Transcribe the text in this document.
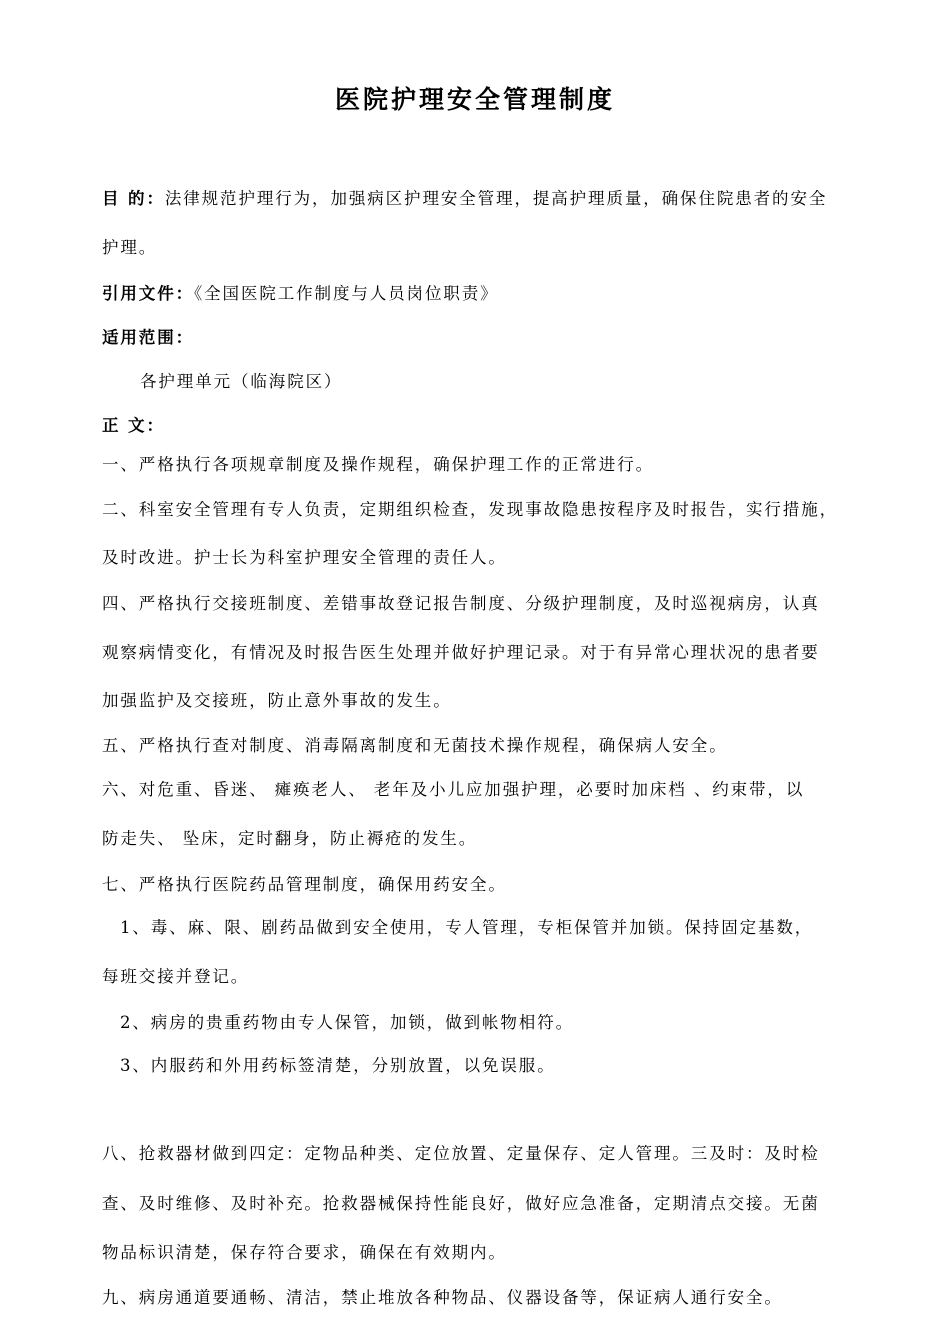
医院护理安全管理制度
目 的：法律规范护理行为，加强病区护理安全管理，提高护理质量，确保住院患者的安全
护理。
引用文件：《全国医院工作制度与人员岗位职责》
适用范围：
各护理单元（临海院区）
正 文：
一、严格执行各项规章制度及操作规程，确保护理工作的正常进行。
二、科室安全管理有专人负责，定期组织检查，发现事故隐患按程序及时报告，实行措施，
及时改进。护士长为科室护理安全管理的责任人。
四、严格执行交接班制度、差错事故登记报告制度、分级护理制度，及时巡视病房，认真
观察病情变化，有情况及时报告医生处理并做好护理记录。对于有异常心理状况的患者要
加强监护及交接班，防止意外事故的发生。
五、严格执行查对制度、消毒隔离制度和无菌技术操作规程，确保病人安全。
六、对危重、昏迷、 瘫痪老人、 老年及小儿应加强护理，必要时加床档 、约束带，以
防走失、 坠床，定时翻身，防止褥疮的发生。
七、严格执行医院药品管理制度，确保用药安全。
1、毒、麻、限、剧药品做到安全使用，专人管理，专柜保管并加锁。保持固定基数，
每班交接并登记。
2、病房的贵重药物由专人保管，加锁，做到帐物相符。
3、内服药和外用药标签清楚，分别放置，以免误服。
八、抢救器材做到四定：定物品种类、定位放置、定量保存、定人管理。三及时：及时检
查、及时维修、及时补充。抢救器械保持性能良好，做好应急准备，定期清点交接。无菌
物品标识清楚，保存符合要求，确保在有效期内。
九、病房通道要通畅、清洁，禁止堆放各种物品、仪器设备等，保证病人通行安全。
